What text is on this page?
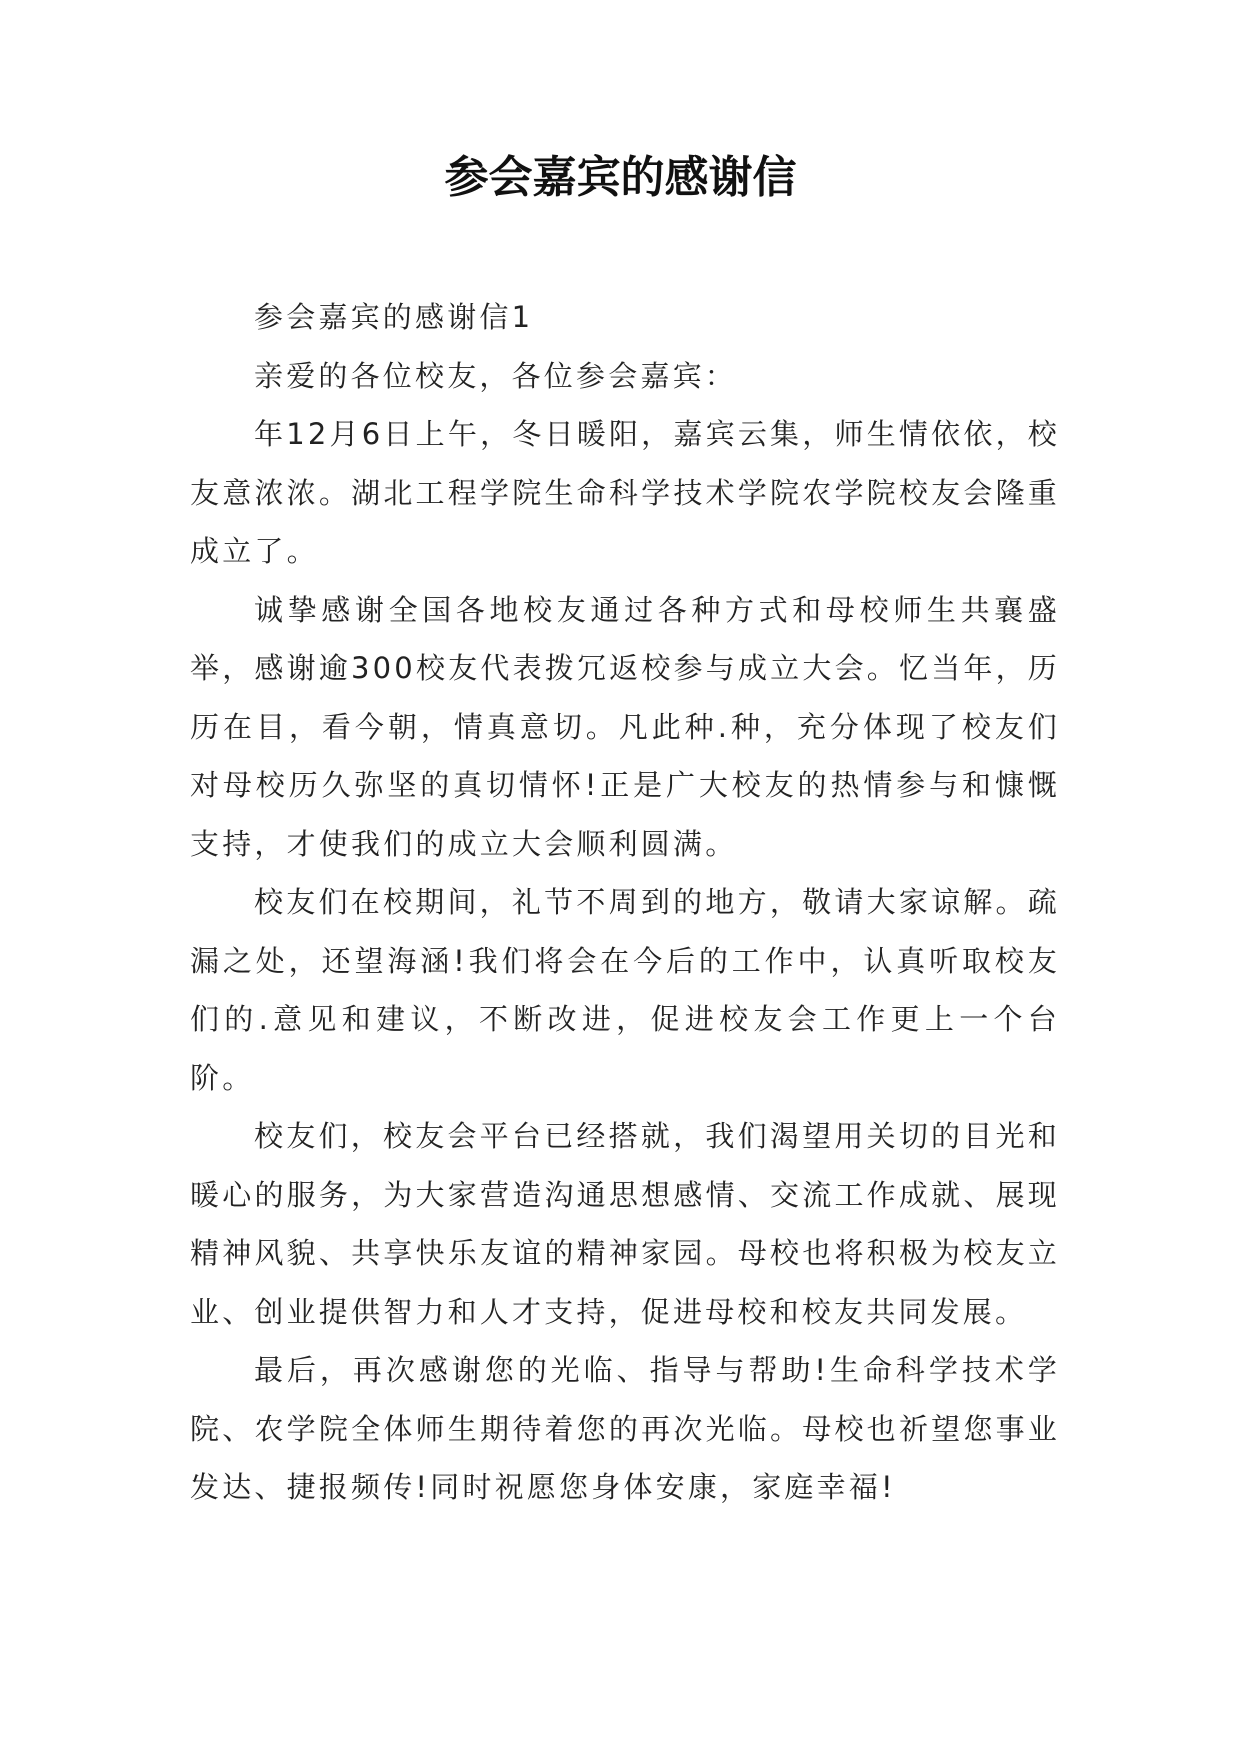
参会嘉宾的感谢信

参会嘉宾的感谢信1

亲爱的各位校友，各位参会嘉宾：

年12月6日上午，冬日暖阳，嘉宾云集，师生情依依，校友意浓浓。湖北工程学院生命科学技术学院农学院校友会隆重成立了。

诚挚感谢全国各地校友通过各种方式和母校师生共襄盛举，感谢逾300校友代表拨冗返校参与成立大会。忆当年，历历在目，看今朝，情真意切。凡此种.种，充分体现了校友们对母校历久弥坚的真切情怀!正是广大校友的热情参与和慷慨支持，才使我们的成立大会顺利圆满。

校友们在校期间，礼节不周到的地方，敬请大家谅解。疏漏之处，还望海涵!我们将会在今后的工作中，认真听取校友们的.意见和建议，不断改进，促进校友会工作更上一个台阶。

校友们，校友会平台已经搭就，我们渴望用关切的目光和暖心的服务，为大家营造沟通思想感情、交流工作成就、展现精神风貌、共享快乐友谊的精神家园。母校也将积极为校友立业、创业提供智力和人才支持，促进母校和校友共同发展。

最后，再次感谢您的光临、指导与帮助!生命科学技术学院、农学院全体师生期待着您的再次光临。母校也祈望您事业发达、捷报频传!同时祝愿您身体安康，家庭幸福!
